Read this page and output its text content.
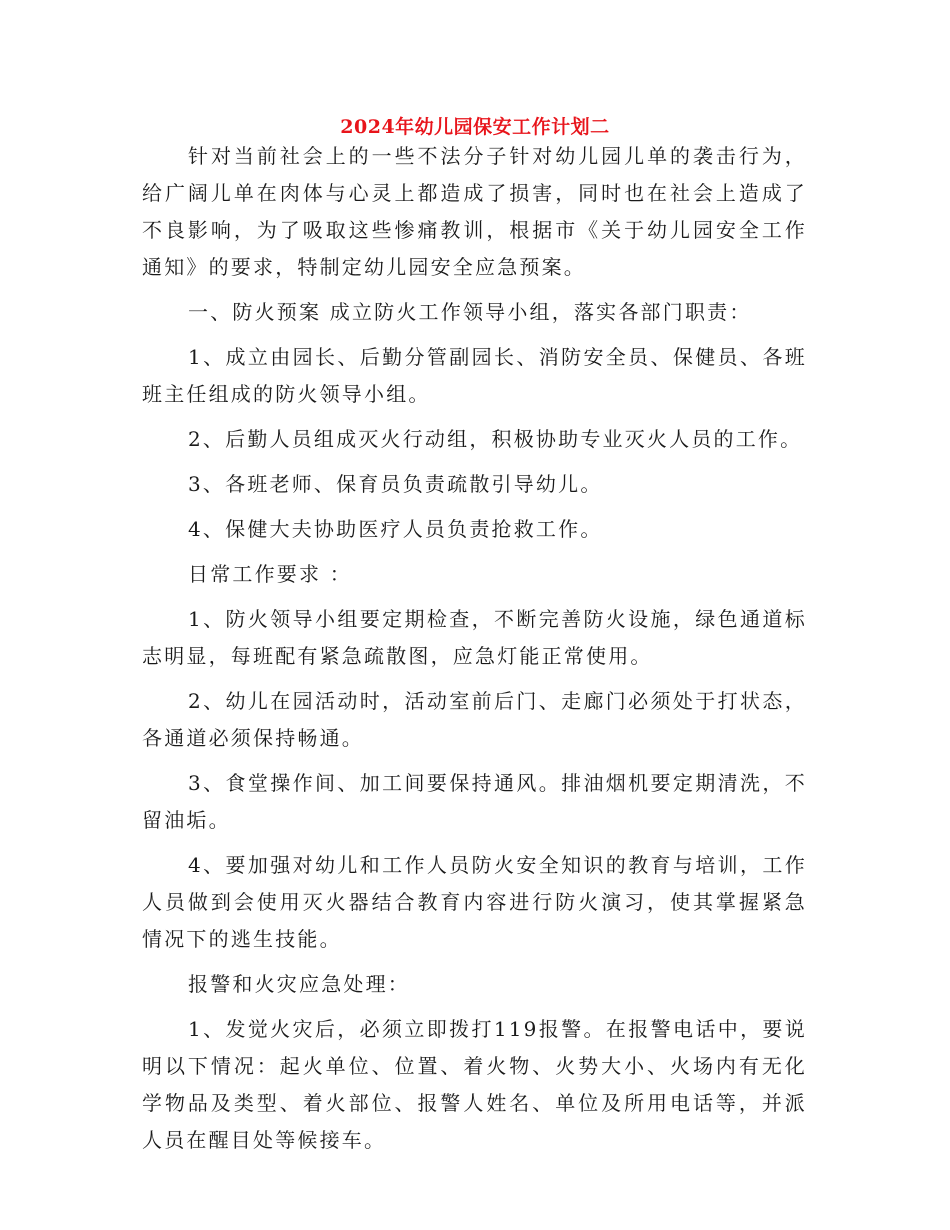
2024年幼儿园保安工作计划二

针对当前社会上的一些不法分子针对幼儿园儿单的袭击行为，给广阔儿单在肉体与心灵上都造成了损害，同时也在社会上造成了不良影响，为了吸取这些惨痛教训，根据市《关于幼儿园安全工作通知》的要求，特制定幼儿园安全应急预案。

一、防火预案 成立防火工作领导小组，落实各部门职责：

1、成立由园长、后勤分管副园长、消防安全员、保健员、各班班主任组成的防火领导小组。

2、后勤人员组成灭火行动组，积极协助专业灭火人员的工作。

3、各班老师、保育员负责疏散引导幼儿。

4、保健大夫协助医疗人员负责抢救工作。

日常工作要求 ：

1、防火领导小组要定期检查，不断完善防火设施，绿色通道标志明显，每班配有紧急疏散图，应急灯能正常使用。

2、幼儿在园活动时，活动室前后门、走廊门必须处于打状态，各通道必须保持畅通。

3、食堂操作间、加工间要保持通风。排油烟机要定期清洗，不留油垢。

4、要加强对幼儿和工作人员防火安全知识的教育与培训，工作人员做到会使用灭火器结合教育内容进行防火演习，使其掌握紧急情况下的逃生技能。

报警和火灾应急处理：

1、发觉火灾后，必须立即拨打119报警。在报警电话中，要说明以下情况：起火单位、位置、着火物、火势大小、火场内有无化学物品及类型、着火部位、报警人姓名、单位及所用电话等，并派人员在醒目处等候接车。
